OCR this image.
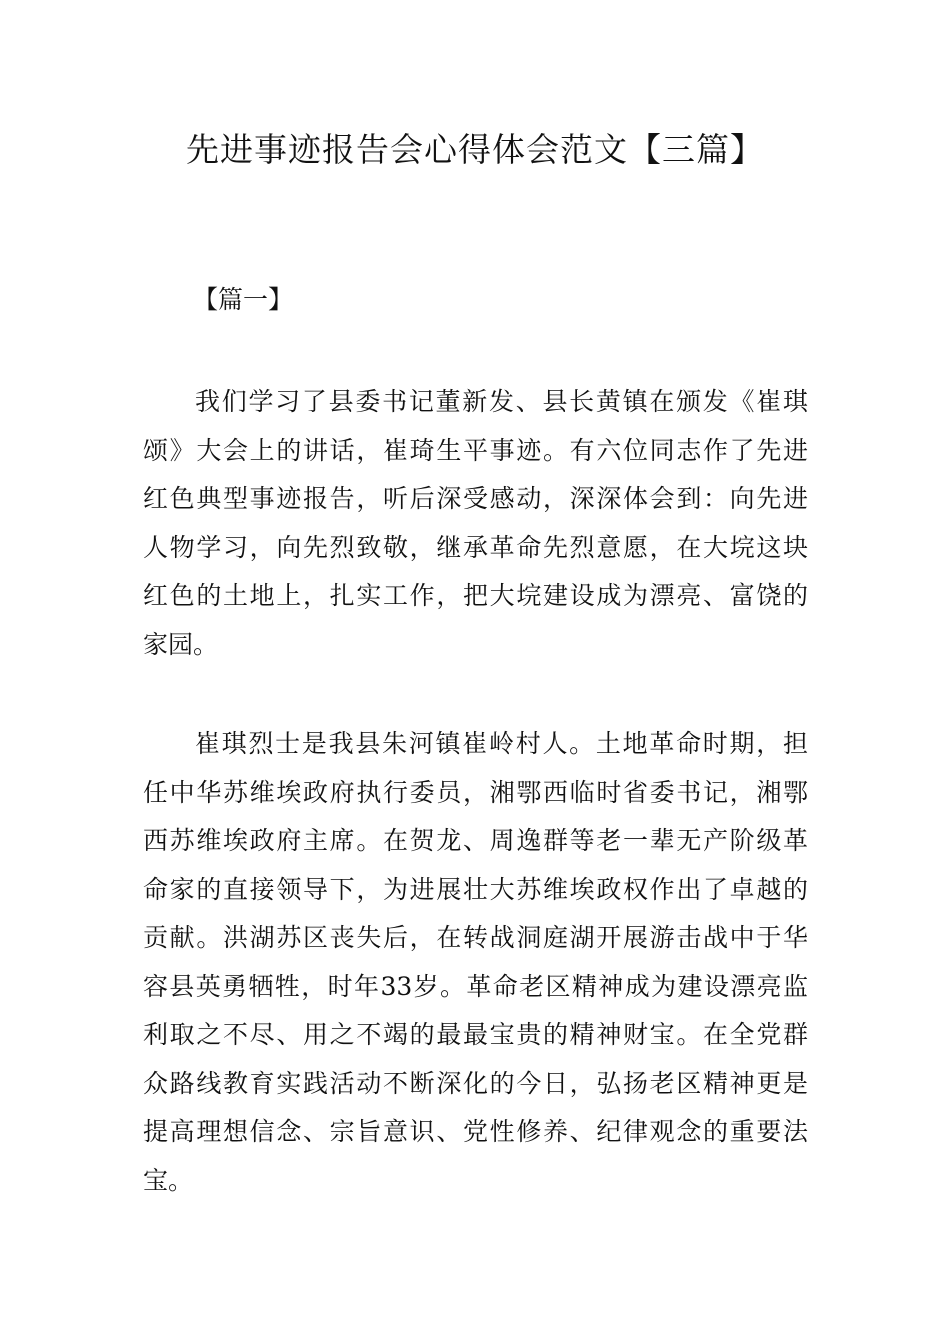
先进事迹报告会心得体会范文【三篇】
【篇一】
我们学习了县委书记董新发、县长黄镇在颁发《崔琪
颂》大会上的讲话，崔琦生平事迹。有六位同志作了先进
红色典型事迹报告，听后深受感动，深深体会到：向先进
人物学习，向先烈致敬，继承革命先烈意愿，在大垸这块
红色的土地上，扎实工作，把大垸建设成为漂亮、富饶的
家园。
崔琪烈士是我县朱河镇崔岭村人。土地革命时期，担
任中华苏维埃政府执行委员，湘鄂西临时省委书记，湘鄂
西苏维埃政府主席。在贺龙、周逸群等老一辈无产阶级革
命家的直接领导下，为进展壮大苏维埃政权作出了卓越的
贡献。洪湖苏区丧失后，在转战洞庭湖开展游击战中于华
容县英勇牺牲，时年33岁。革命老区精神成为建设漂亮监
利取之不尽、用之不竭的最最宝贵的精神财宝。在全党群
众路线教育实践活动不断深化的今日，弘扬老区精神更是
提高理想信念、宗旨意识、党性修养、纪律观念的重要法
宝。
